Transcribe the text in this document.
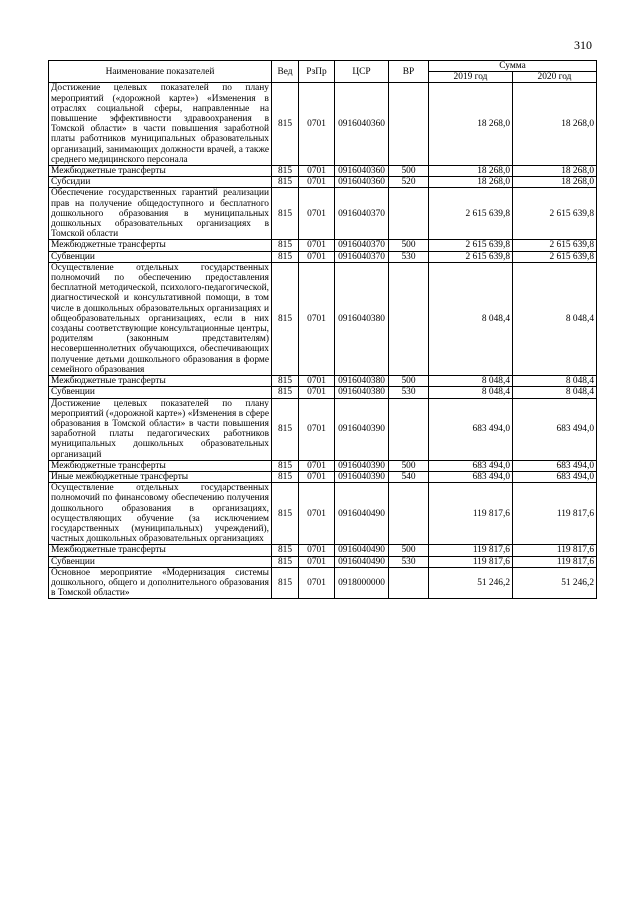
310
Наименование показателей	Вед	РзПр	ЦСР	ВР	Сумма	
					2019 год	2020 год
Достижение целевых показателей по плану мероприятий («дорожной карте») «Изменения в отраслях социальной сферы, направленные на повышение эффективности здравоохранения в Томской области» в части повышения заработной платы работников муниципальных образовательных организаций, занимающих должности врачей, а также среднего медицинского персонала	815	0701	0916040360		18 268,0	18 268,0
Межбюджетные трансферты	815	0701	0916040360	500	18 268,0	18 268,0
Субсидии	815	0701	0916040360	520	18 268,0	18 268,0
Обеспечение государственных гарантий реализации прав на получение общедоступного и бесплатного дошкольного образования в муниципальных дошкольных образовательных организациях в Томской области	815	0701	0916040370		2 615 639,8	2 615 639,8
Межбюджетные трансферты	815	0701	0916040370	500	2 615 639,8	2 615 639,8
Субвенции	815	0701	0916040370	530	2 615 639,8	2 615 639,8
Осуществление отдельных государственных полномочий по обеспечению предоставления бесплатной методической, психолого-педагогической, диагностической и консультативной помощи, в том числе в дошкольных образовательных организациях и общеобразовательных организациях, если в них созданы соответствующие консультационные центры, родителям (законным представителям) несовершеннолетних обучающихся, обеспечивающих получение детьми дошкольного образования в форме семейного образования	815	0701	0916040380		8 048,4	8 048,4
Межбюджетные трансферты	815	0701	0916040380	500	8 048,4	8 048,4
Субвенции	815	0701	0916040380	530	8 048,4	8 048,4
Достижение целевых показателей по плану мероприятий («дорожной карте») «Изменения в сфере образования в Томской области» в части повышения заработной платы педагогических работников муниципальных дошкольных образовательных организаций	815	0701	0916040390		683 494,0	683 494,0
Межбюджетные трансферты	815	0701	0916040390	500	683 494,0	683 494,0
Иные межбюджетные трансферты	815	0701	0916040390	540	683 494,0	683 494,0
Осуществление отдельных государственных полномочий по финансовому обеспечению получения дошкольного образования в организациях, осуществляющих обучение (за исключением государственных (муниципальных) учреждений), частных дошкольных образовательных организациях	815	0701	0916040490		119 817,6	119 817,6
Межбюджетные трансферты	815	0701	0916040490	500	119 817,6	119 817,6
Субвенции	815	0701	0916040490	530	119 817,6	119 817,6
Основное мероприятие «Модернизация системы дошкольного, общего и дополнительного образования в Томской области»	815	0701	0918000000		51 246,2	51 246,2
